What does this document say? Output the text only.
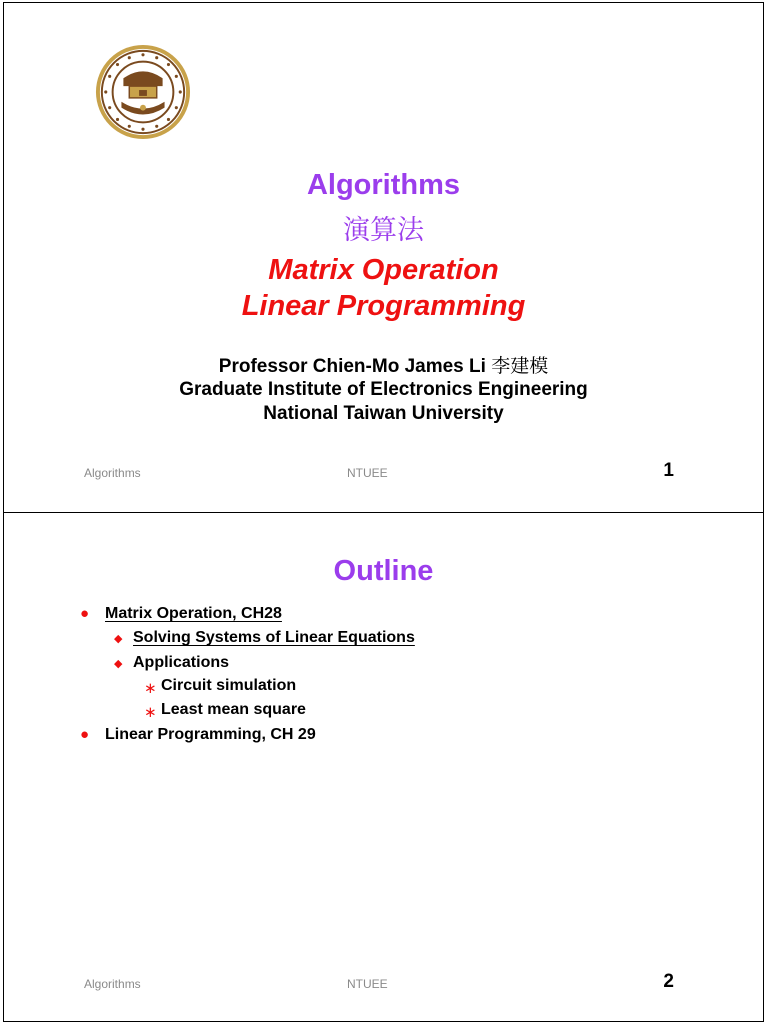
Algorithms
演算法
Matrix Operation
Linear Programming
Professor Chien-Mo James Li 李建模
Graduate Institute of Electronics Engineering
National Taiwan University
Algorithms	NTUEE	1
Outline
● Matrix Operation, CH28
◆ Solving Systems of Linear Equations
◆ Applications
∗ Circuit simulation
∗ Least mean square
● Linear Programming, CH 29
Algorithms	NTUEE	2
